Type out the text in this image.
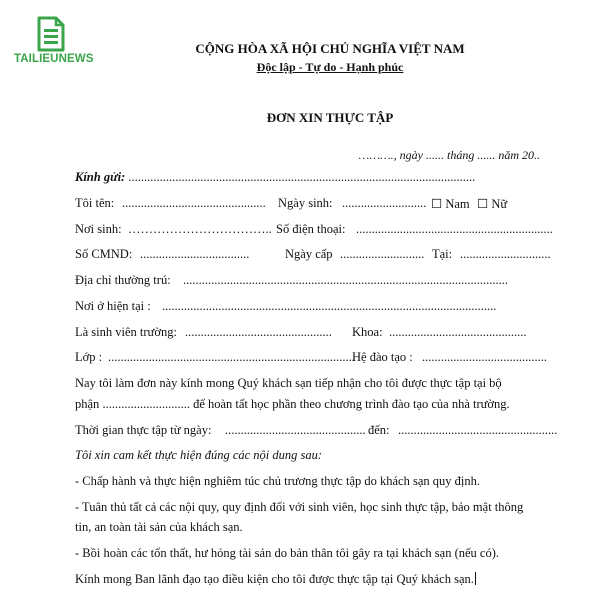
TAILIEUNEWS
CỘNG HÒA XÃ HỘI CHỦ NGHĨA VIỆT NAM
Độc lập - Tự do - Hạnh phúc
ĐƠN XIN THỰC TẬP
………., ngày ...... tháng ...... năm 20..
Kính gửi: ...............................................................................................................
Tôi tên: .............................................. Ngày sinh: ........................... ☐ Nam ☐ Nữ
Nơi sinh: …………………………….. Số điện thoại: ...............................................................
Số CMND: ...................................	Ngày cấp ........................... Tại: .............................
Địa chỉ thường trú: ........................................................................................................
Nơi ở hiện tại : ...........................................................................................................
Là sinh viên trường: ............................................... Khoa: ............................................
Lớp : ...............................................................................
Hệ đào tạo : ........................................
Nay tôi làm đơn này kính mong Quý khách sạn tiếp nhận cho tôi được thực tập tại bộ
phận ............................ để hoàn tất học phần theo chương trình đào tạo của nhà trường.
Thời gian thực tập từ ngày: ............................................. đến: ...................................................
Tôi xin cam kết thực hiện đúng các nội dung sau:
- Chấp hành và thực hiện nghiêm túc chủ trương thực tập do khách sạn quy định.
- Tuân thủ tất cả các nội quy, quy định đối với sinh viên, học sinh thực tập, bảo mật thông
tin, an toàn tài sản của khách sạn.
- Bồi hoàn các tổn thất, hư hỏng tài sản do bản thân tôi gây ra tại khách sạn (nếu có).
Kính mong Ban lãnh đạo tạo điều kiện cho tôi được thực tập tại Quý khách sạn.
